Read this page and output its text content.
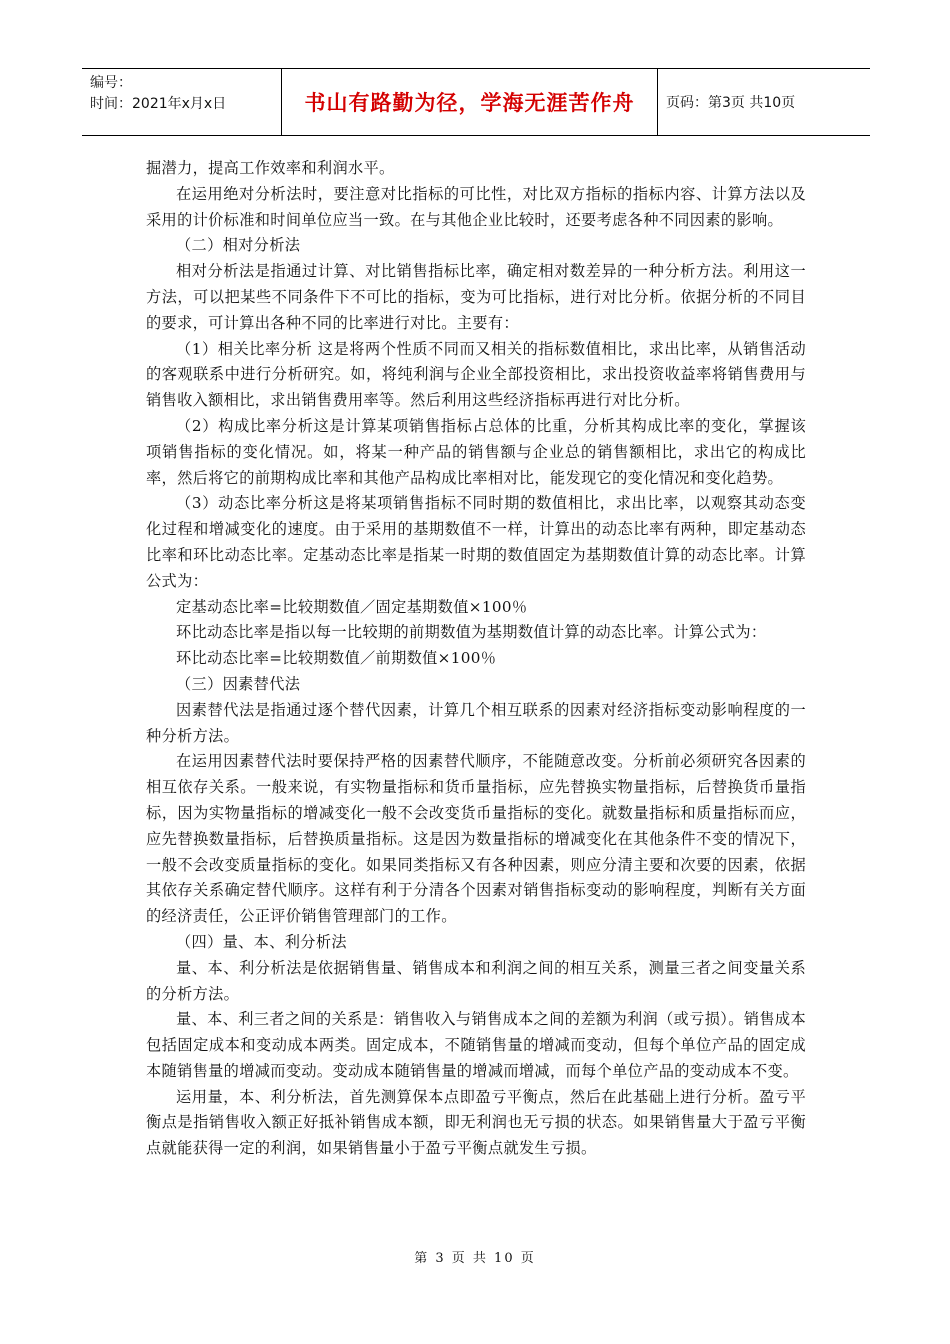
编号：
时间：2021年x月x日	书山有路勤为径，学海无涯苦作舟	页码：第3页 共10页

掘潜力，提高工作效率和利润水平。

在运用绝对分析法时，要注意对比指标的可比性，对比双方指标的指标内容、计算方法以及采用的计价标准和时间单位应当一致。在与其他企业比较时，还要考虑各种不同因素的影响。

（二）相对分析法

相对分析法是指通过计算、对比销售指标比率，确定相对数差异的一种分析方法。利用这一方法，可以把某些不同条件下不可比的指标，变为可比指标，进行对比分析。依据分析的不同目的要求，可计算出各种不同的比率进行对比。主要有：

（1）相关比率分析 这是将两个性质不同而又相关的指标数值相比，求出比率，从销售活动的客观联系中进行分析研究。如，将纯利润与企业全部投资相比，求出投资收益率将销售费用与销售收入额相比，求出销售费用率等。然后利用这些经济指标再进行对比分析。

（2）构成比率分析这是计算某项销售指标占总体的比重，分析其构成比率的变化，掌握该项销售指标的变化情况。如，将某一种产品的销售额与企业总的销售额相比，求出它的构成比率，然后将它的前期构成比率和其他产品构成比率相对比，能发现它的变化情况和变化趋势。

（3）动态比率分析这是将某项销售指标不同时期的数值相比，求出比率，以观察其动态变化过程和增减变化的速度。由于采用的基期数值不一样，计算出的动态比率有两种，即定基动态比率和环比动态比率。定基动态比率是指某一时期的数值固定为基期数值计算的动态比率。计算公式为：

定基动态比率=比较期数值／固定基期数值×100％

环比动态比率是指以每一比较期的前期数值为基期数值计算的动态比率。计算公式为：

环比动态比率=比较期数值／前期数值×100％

（三）因素替代法

因素替代法是指通过逐个替代因素，计算几个相互联系的因素对经济指标变动影响程度的一种分析方法。

在运用因素替代法时要保持严格的因素替代顺序，不能随意改变。分析前必须研究各因素的相互依存关系。一般来说，有实物量指标和货币量指标，应先替换实物量指标，后替换货币量指标，因为实物量指标的增减变化一般不会改变货币量指标的变化。就数量指标和质量指标而应，应先替换数量指标，后替换质量指标。这是因为数量指标的增减变化在其他条件不变的情况下，一般不会改变质量指标的变化。如果同类指标又有各种因素，则应分清主要和次要的因素，依据其依存关系确定替代顺序。这样有利于分清各个因素对销售指标变动的影响程度，判断有关方面的经济责任，公正评价销售管理部门的工作。

（四）量、本、利分析法

量、本、利分析法是依据销售量、销售成本和利润之间的相互关系，测量三者之间变量关系的分析方法。

量、本、利三者之间的关系是：销售收入与销售成本之间的差额为利润（或亏损）。销售成本包括固定成本和变动成本两类。固定成本，不随销售量的增减而变动，但每个单位产品的固定成本随销售量的增减而变动。变动成本随销售量的增减而增减，而每个单位产品的变动成本不变。

运用量，本、利分析法，首先测算保本点即盈亏平衡点，然后在此基础上进行分析。盈亏平衡点是指销售收入额正好抵补销售成本额，即无利润也无亏损的状态。如果销售量大于盈亏平衡点就能获得一定的利润，如果销售量小于盈亏平衡点就发生亏损。

第 3 页 共 10 页
